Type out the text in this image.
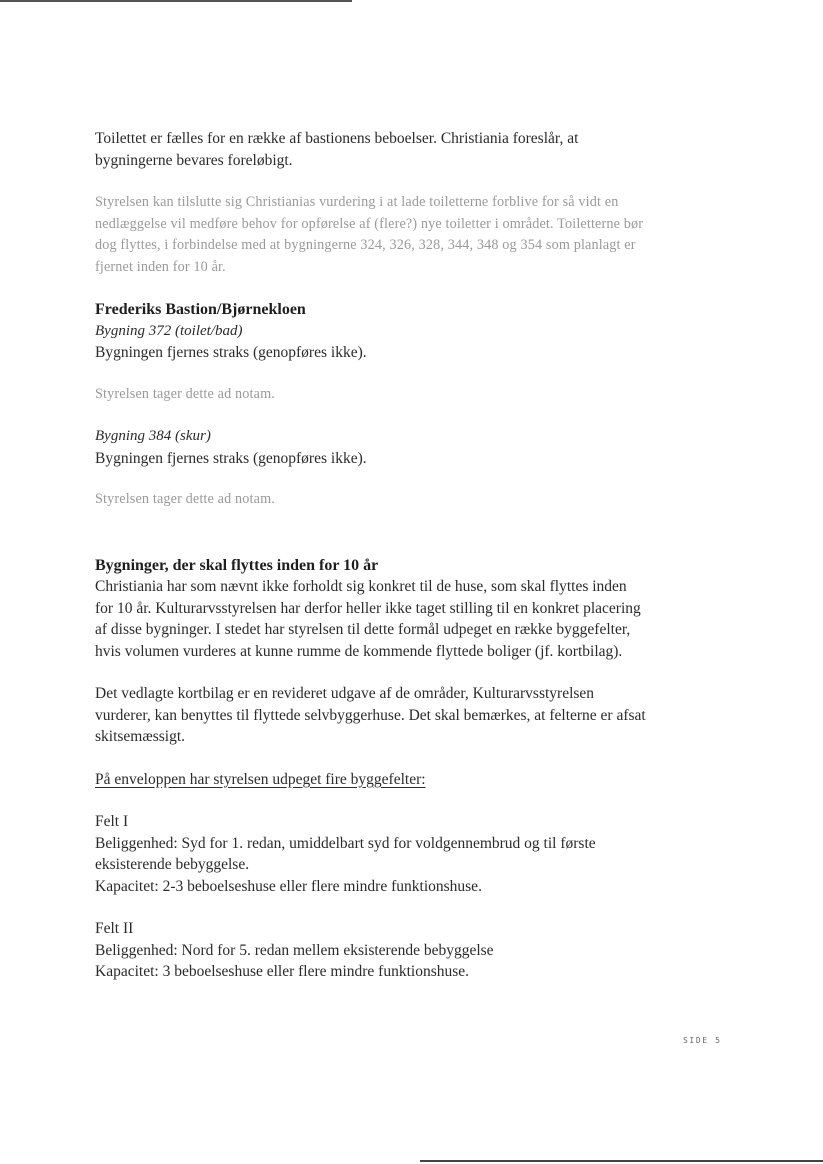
Toilettet er fælles for en række af bastionens beboelser. Christiania foreslår, at bygningerne bevares foreløbigt.

Styrelsen kan tilslutte sig Christianias vurdering i at lade toiletterne forblive for så vidt en nedlæggelse vil medføre behov for opførelse af (flere?) nye toiletter i området. Toiletterne bør dog flyttes, i forbindelse med at bygningerne 324, 326, 328, 344, 348 og 354 som planlagt er fjernet inden for 10 år.

Frederiks Bastion/Bjørnekloen

Bygning 372 (toilet/bad)

Bygningen fjernes straks (genopføres ikke).

Styrelsen tager dette ad notam.

Bygning 384 (skur)

Bygningen fjernes straks (genopføres ikke).

Styrelsen tager dette ad notam.

Bygninger, der skal flyttes inden for 10 år

Christiania har som nævnt ikke forholdt sig konkret til de huse, som skal flyttes inden for 10 år. Kulturarvsstyrelsen har derfor heller ikke taget stilling til en konkret placering af disse bygninger. I stedet har styrelsen til dette formål udpeget en række byggefelter, hvis volumen vurderes at kunne rumme de kommende flyttede boliger (jf. kortbilag).

Det vedlagte kortbilag er en revideret udgave af de områder, Kulturarvsstyrelsen vurderer, kan benyttes til flyttede selvbyggerhuse. Det skal bemærkes, at felterne er afsat skitsemæssigt.

På enveloppen har styrelsen udpeget fire byggefelter:

Felt I

Beliggenhed: Syd for 1. redan, umiddelbart syd for voldgennembrud og til første eksisterende bebyggelse.

Kapacitet: 2-3 beboelseshuse eller flere mindre funktionshuse.

Felt II

Beliggenhed: Nord for 5. redan mellem eksisterende bebyggelse

Kapacitet: 3 beboelseshuse eller flere mindre funktionshuse.

SIDE 5
